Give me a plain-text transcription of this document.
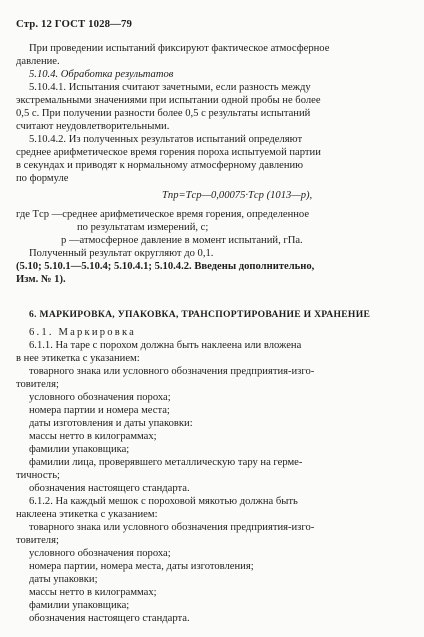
Стр. 12 ГОСТ 1028—79
При проведении испытаний фиксируют фактическое атмосферное
давление.
5.10.4. Обработка результатов
5.10.4.1. Испытания считают зачетными, если разность между
экстремальными значениями при испытании одной пробы не более
0,5 с. При получении разности более 0,5 с результаты испытаний
считают неудовлетворительными.
5.10.4.2. Из полученных результатов испытаний определяют
среднее арифметическое время горения пороха испытуемой партии
в секундах и приводят к нормальному атмосферному давлению
по формуле
Tпр=Tср—0,00075·Tср (1013—p),
где Tср —среднее арифметическое время горения, определенное
по результатам измерений, с;
p —атмосферное давление в момент испытаний, гПа.
Полученный результат округляют до 0,1.
(5.10; 5.10.1—5.10.4; 5.10.4.1; 5.10.4.2. Введены дополнительно,
Изм. № 1).
6. МАРКИРОВКА, УПАКОВКА, ТРАНСПОРТИРОВАНИЕ И ХРАНЕНИЕ
6.1. Маркировка
6.1.1. На таре с порохом должна быть наклеена или вложена
в нее этикетка с указанием:
товарного знака или условного обозначения предприятия-изго-
товителя;
условного обозначения пороха;
номера партии и номера места;
даты изготовления и даты упаковки:
массы нетто в килограммах;
фамилии упаковщика;
фамилии лица, проверявшего металлическую тару на герме-
тичность;
обозначения настоящего стандарта.
6.1.2. На каждый мешок с пороховой мякотью должна быть
наклеена этикетка с указанием:
товарного знака или условного обозначения предприятия-изго-
товителя;
условного обозначения пороха;
номера партии, номера места, даты изготовления;
даты упаковки;
массы нетто в килограммах;
фамилии упаковщика;
обозначения настоящего стандарта.
